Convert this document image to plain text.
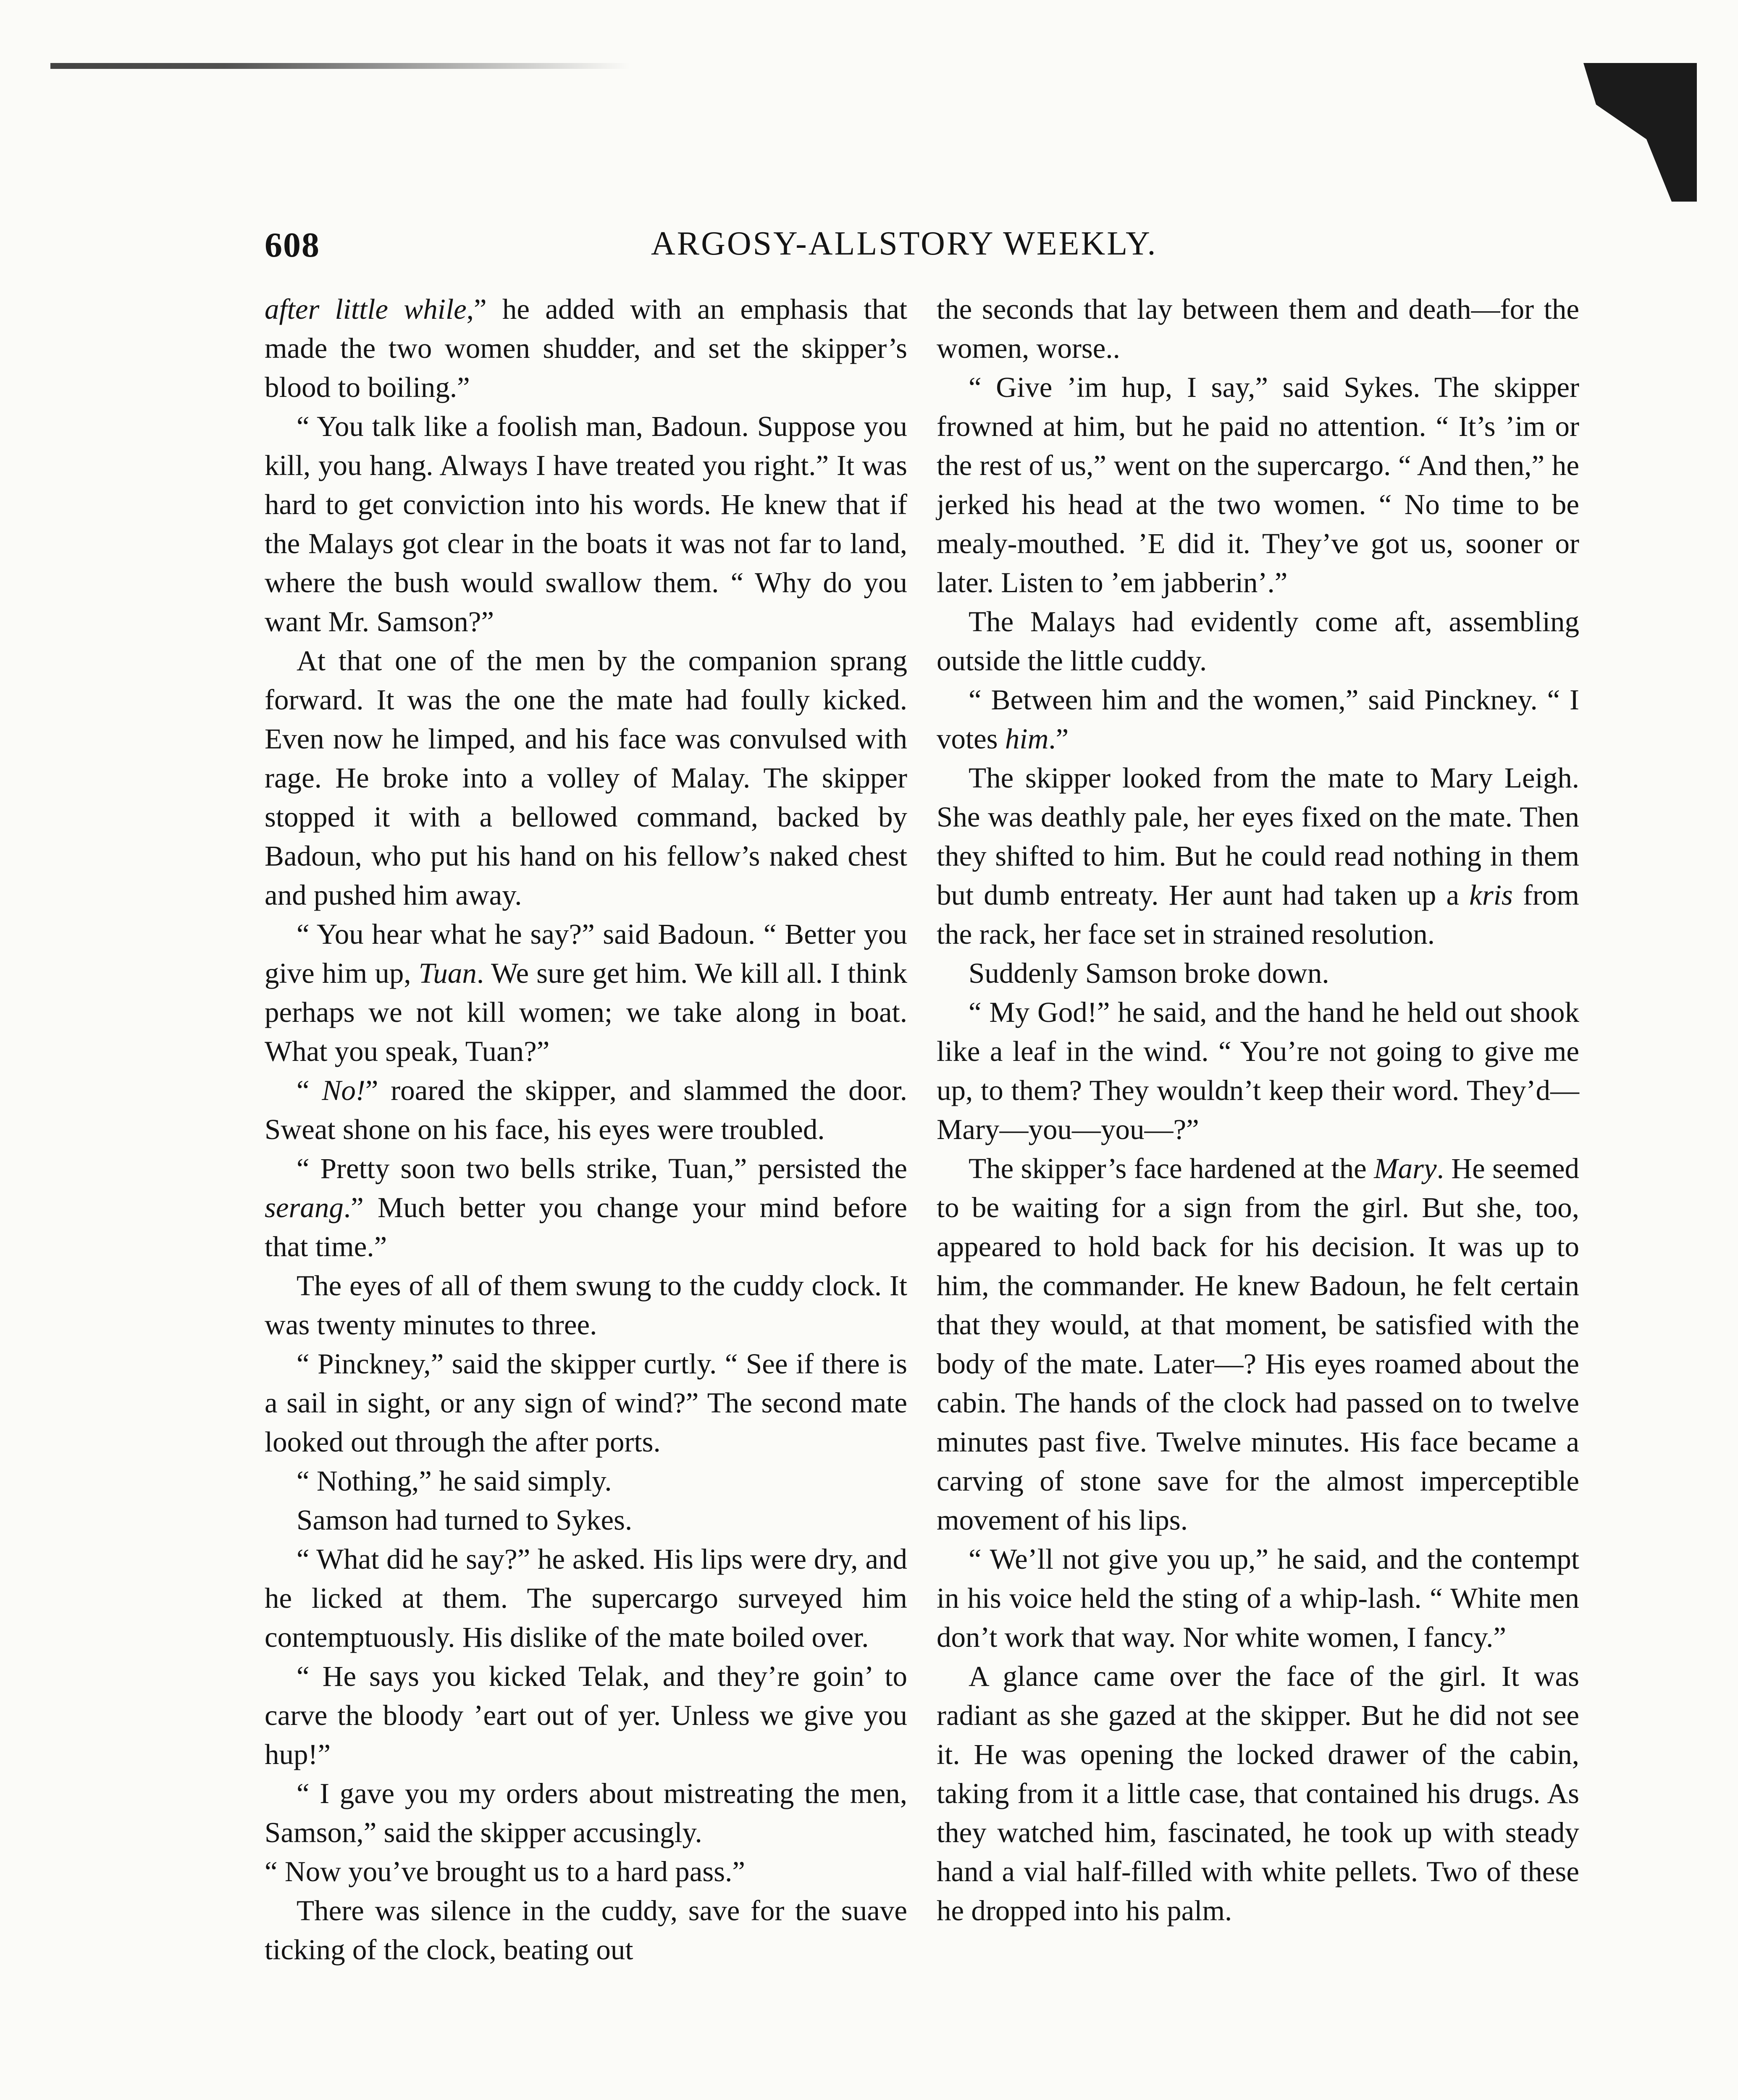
608	ARGOSY-ALLSTORY WEEKLY.

after little while,” he added with an emphasis that made the two women shudder, and set the skipper’s blood to boiling.”

“ You talk like a foolish man, Badoun. Suppose you kill, you hang. Always I have treated you right.” It was hard to get conviction into his words. He knew that if the Malays got clear in the boats it was not far to land, where the bush would swallow them. “ Why do you want Mr. Samson?”

At that one of the men by the companion sprang forward. It was the one the mate had foully kicked. Even now he limped, and his face was convulsed with rage. He broke into a volley of Malay. The skipper stopped it with a bellowed command, backed by Badoun, who put his hand on his fellow’s naked chest and pushed him away.

“ You hear what he say?” said Badoun. “ Better you give him up, Tuan. We sure get him. We kill all. I think perhaps we not kill women; we take along in boat. What you speak, Tuan?”

“ No!” roared the skipper, and slammed the door. Sweat shone on his face, his eyes were troubled.

“ Pretty soon two bells strike, Tuan,” persisted the serang.” Much better you change your mind before that time.”

The eyes of all of them swung to the cuddy clock. It was twenty minutes to three.

“ Pinckney,” said the skipper curtly. “ See if there is a sail in sight, or any sign of wind?” The second mate looked out through the after ports.

“ Nothing,” he said simply.

Samson had turned to Sykes.

“ What did he say?” he asked. His lips were dry, and he licked at them. The supercargo surveyed him contemptuously. His dislike of the mate boiled over.

“ He says you kicked Telak, and they’re goin’ to carve the bloody ’eart out of yer. Unless we give you hup!”

“ I gave you my orders about mistreating the men, Samson,” said the skipper accusingly.

“ Now you’ve brought us to a hard pass.”

There was silence in the cuddy, save for the suave ticking of the clock, beating out

the seconds that lay between them and death—for the women, worse..

“ Give ’im hup, I say,” said Sykes. The skipper frowned at him, but he paid no attention. “ It’s ’im or the rest of us,” went on the supercargo. “ And then,” he jerked his head at the two women. “ No time to be mealy-mouthed. ’E did it. They’ve got us, sooner or later. Listen to ’em jabberin’.”

The Malays had evidently come aft, assembling outside the little cuddy.

“ Between him and the women,” said Pinckney. “ I votes him.”

The skipper looked from the mate to Mary Leigh. She was deathly pale, her eyes fixed on the mate. Then they shifted to him. But he could read nothing in them but dumb entreaty. Her aunt had taken up a kris from the rack, her face set in strained resolution.

Suddenly Samson broke down.

“ My God!” he said, and the hand he held out shook like a leaf in the wind. “ You’re not going to give me up, to them? They wouldn’t keep their word. They’d—Mary—you—you—?”

The skipper’s face hardened at the Mary. He seemed to be waiting for a sign from the girl. But she, too, appeared to hold back for his decision. It was up to him, the commander. He knew Badoun, he felt certain that they would, at that moment, be satisfied with the body of the mate. Later—? His eyes roamed about the cabin. The hands of the clock had passed on to twelve minutes past five. Twelve minutes. His face became a carving of stone save for the almost imperceptible movement of his lips.

“ We’ll not give you up,” he said, and the contempt in his voice held the sting of a whip-lash. “ White men don’t work that way. Nor white women, I fancy.”

A glance came over the face of the girl. It was radiant as she gazed at the skipper. But he did not see it. He was opening the locked drawer of the cabin, taking from it a little case, that contained his drugs. As they watched him, fascinated, he took up with steady hand a vial half-filled with white pellets. Two of these he dropped into his palm.
